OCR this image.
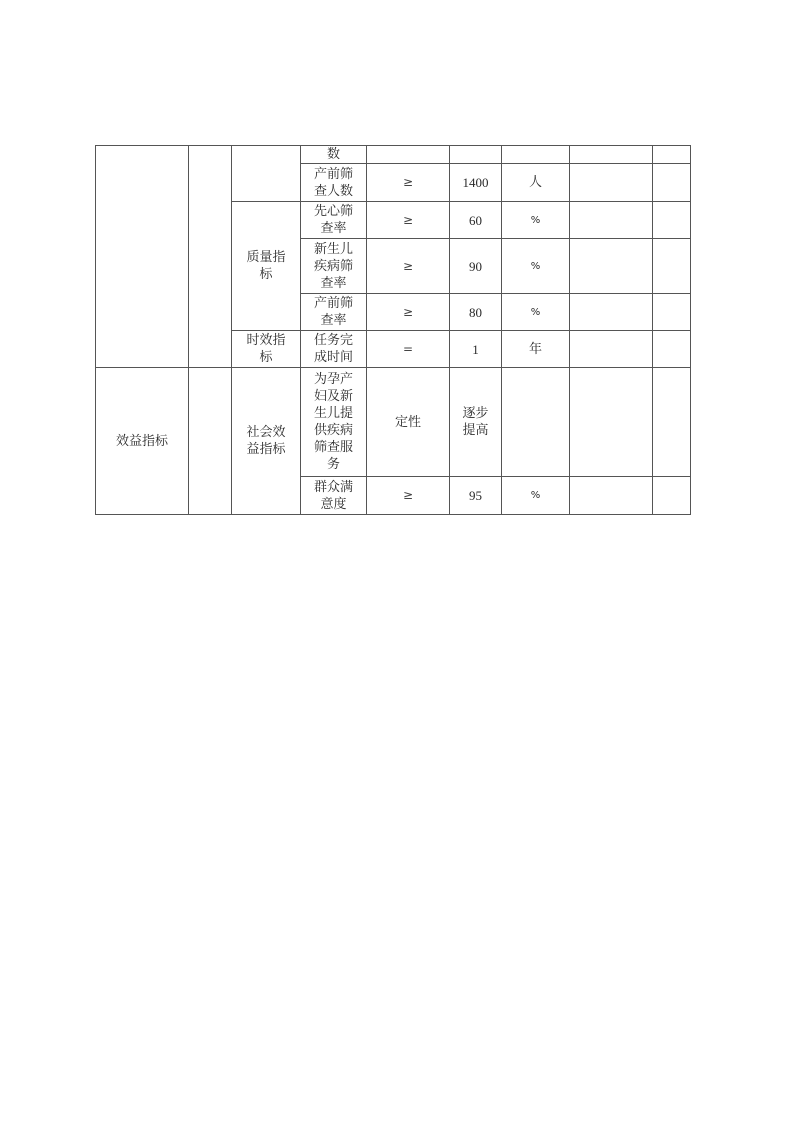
			数					
			产前筛查人数	≥	1400	人		
		质量指标	先心筛查率	≥	60	%		
			新生儿疾病筛查率	≥	90	%		
			产前筛查率	≥	80	%		
		时效指标	任务完成时间	=	1	年		
效益指标		社会效益指标	为孕产妇及新生儿提供疾病筛查服务	定性	逐步提高			
			群众满意度	≥	95	%		
